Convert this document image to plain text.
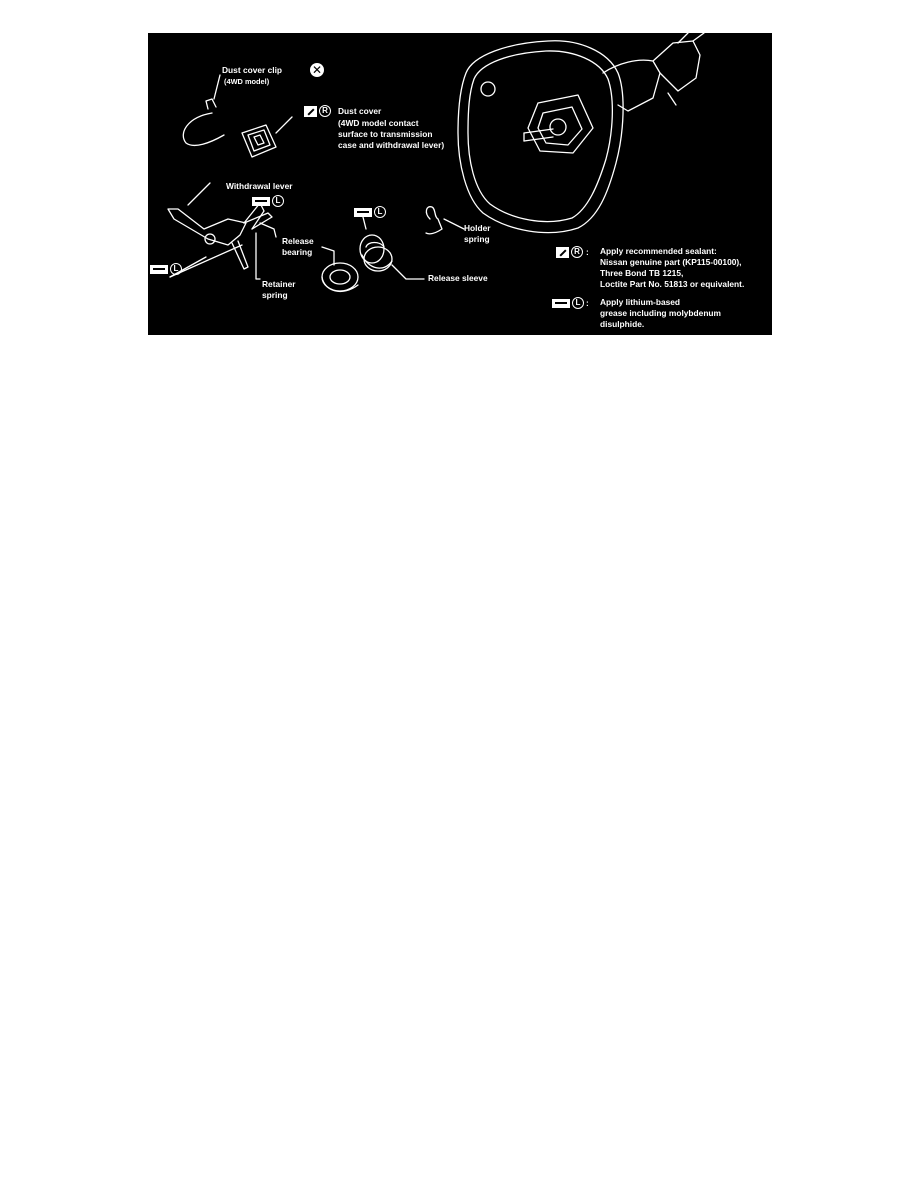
Dust cover clip
(4WD model)
✕
R	Dust cover
(4WD model contact
surface to transmission
case and withdrawal lever)
Withdrawal lever
L
L
Release
bearing
Retainer
spring
L
Release sleeve
Holder
spring
R : Apply recommended sealant:
Nissan genuine part (KP115-00100),
Three Bond TB 1215,
Loctite Part No. 51813 or equivalent.
L : Apply lithium-based
grease including molybdenum
disulphide.
